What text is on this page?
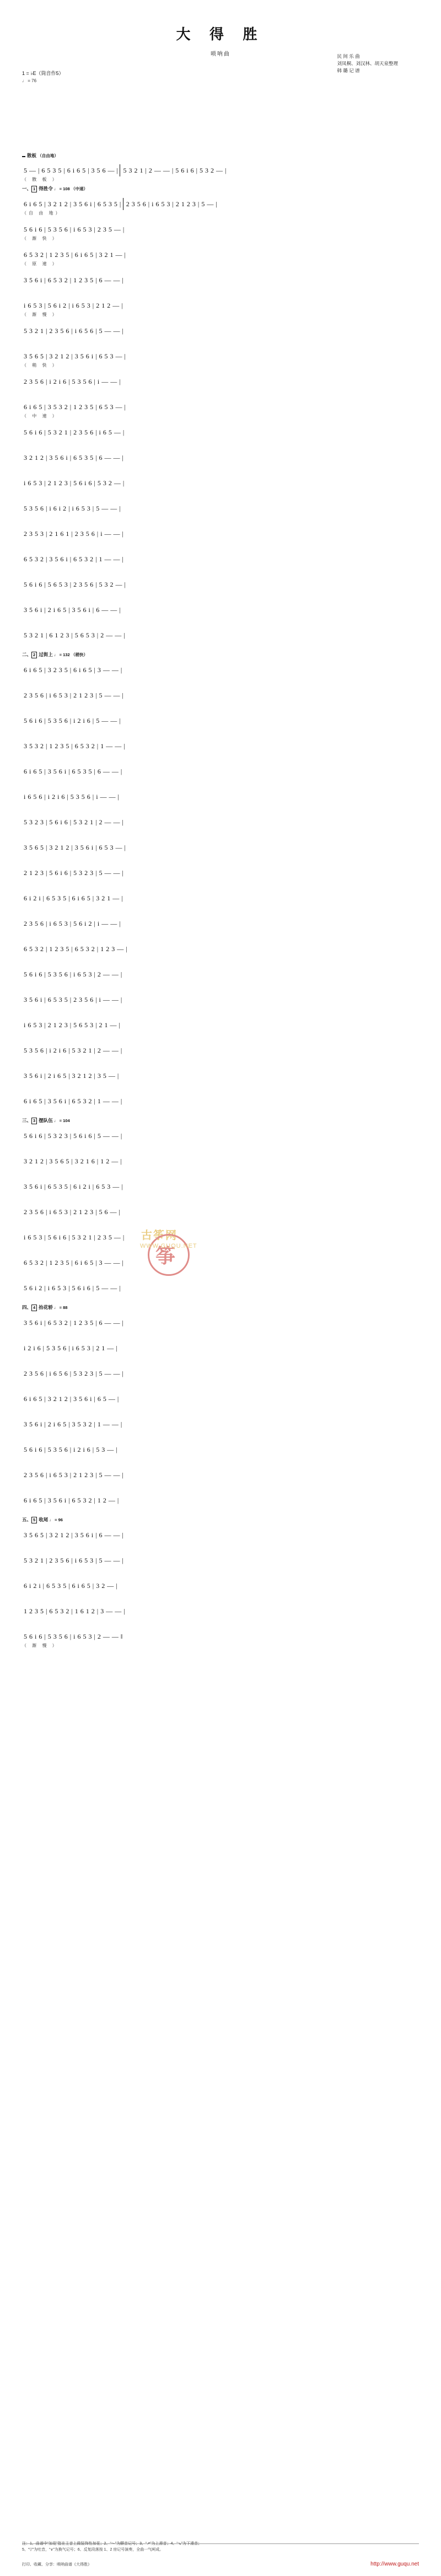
大 得 胜
唢呐曲	民 间 乐 曲
刘凤桐、刘汉林、胡天泉整理
韩 璐 记 谱
1 = ♭E（筒音作5）
♩ = 76
散板 （自由地）
5 — | 6 5 3 5 | 6 i 6 5 | 3 5 6 — | 5 3 2 1 | 2 — — | 5 6 i 6 | 5 3 2 — |
（ 散 板 ）
一、 1 得胜令 ♩ = 108 （中速）
6 i 6 5 | 3 2 1 2 | 3 5 6 i | 6 5 3 5 | 2 3 5 6 | i 6 5 3 | 2 1 2 3 | 5 — |
（自 由 地）
5 6 i 6 | 5 3 5 6 | i 6 5 3 | 2 3 5 — |
（ 渐 快 ）
6 5 3 2 | 1 2 3 5 | 6 i 6 5 | 3 2 1 — |
（ 原 速 ）
3 5 6 i | 6 5 3 2 | 1 2 3 5 | 6 — — |
i 6 5 3 | 5 6 i 2 | i 6 5 3 | 2 1 2 — |
（ 渐 慢 ）
5 3 2 1 | 2 3 5 6 | i 6 5 6 | 5 — — |
3 5 6 5 | 3 2 1 2 | 3 5 6 i | 6 5 3 — |
（ 稍 快 ）
2 3 5 6 | i 2 i 6 | 5 3 5 6 | i — — |
6 i 6 5 | 3 5 3 2 | 1 2 3 5 | 6 5 3 — |
（ 中 速 ）
5 6 i 6 | 5 3 2 1 | 2 3 5 6 | i 6 5 — |
3 2 1 2 | 3 5 6 i | 6 5 3 5 | 6 — — |
i 6 5 3 | 2 1 2 3 | 5 6 i 6 | 5 3 2 — |
5 3 5 6 | i 6 i 2 | i 6 5 3 | 5 — — |
2 3 5 3 | 2 1 6 1 | 2 3 5 6 | i — — |
6 5 3 2 | 3 5 6 i | 6 5 3 2 | 1 — — |
5 6 i 6 | 5 6 5 3 | 2 3 5 6 | 5 3 2 — |
3 5 6 i | 2 i 6 5 | 3 5 6 i | 6 — — |
5 3 2 1 | 6 1 2 3 | 5 6 5 3 | 2 — — |
二、 2 过街上 ♩ = 132 （稍快）
6 i 6 5 | 3 2 3 5 | 6 i 6 5 | 3 — — |
2 3 5 6 | i 6 5 3 | 2 1 2 3 | 5 — — |
5 6 i 6 | 5 3 5 6 | i 2 i 6 | 5 — — |
3 5 3 2 | 1 2 3 5 | 6 5 3 2 | 1 — — |
6 i 6 5 | 3 5 6 i | 6 5 3 5 | 6 — — |
i 6 5 6 | i 2 i 6 | 5 3 5 6 | i — — |
5 3 2 3 | 5 6 i 6 | 5 3 2 1 | 2 — — |
3 5 6 5 | 3 2 1 2 | 3 5 6 i | 6 5 3 — |
2 1 2 3 | 5 6 i 6 | 5 3 2 3 | 5 — — |
6 i 2 i | 6 5 3 5 | 6 i 6 5 | 3 2 1 — |
2 3 5 6 | i 6 5 3 | 5 6 i 2 | i — — |
6 5 3 2 | 1 2 3 5 | 6 5 3 2 | 1 2 3 — |
5 6 i 6 | 5 3 5 6 | i 6 5 3 | 2 — — |
3 5 6 i | 6 5 3 5 | 2 3 5 6 | i — — |
i 6 5 3 | 2 1 2 3 | 5 6 5 3 | 2 1 — |
5 3 5 6 | i 2 i 6 | 5 3 2 1 | 2 — — |
3 5 6 i | 2 i 6 5 | 3 2 1 2 | 3 5 — |
6 i 6 5 | 3 5 6 i | 6 5 3 2 | 1 — — |
三、 3 摆队伍 ♩ = 104
5 6 i 6 | 5 3 2 3 | 5 6 i 6 | 5 — — |
3 2 1 2 | 3 5 6 5 | 3 2 1 6 | 1 2 — |
3 5 6 i | 6 5 3 5 | 6 i 2 i | 6 5 3 — |
2 3 5 6 | i 6 5 3 | 2 1 2 3 | 5 6 — |
i 6 5 3 | 5 6 i 6 | 5 3 2 1 | 2 3 5 — |
6 5 3 2 | 1 2 3 5 | 6 i 6 5 | 3 — — |
5 6 i 2 | i 6 5 3 | 5 6 i 6 | 5 — — |
四、 4 抬花轿 ♩ = 88
3 5 6 i | 6 5 3 2 | 1 2 3 5 | 6 — — |
i 2 i 6 | 5 3 5 6 | i 6 5 3 | 2 1 — |
2 3 5 6 | i 6 5 6 | 5 3 2 3 | 5 — — |
6 i 6 5 | 3 2 1 2 | 3 5 6 i | 6 5 — |
3 5 6 i | 2 i 6 5 | 3 5 3 2 | 1 — — |
5 6 i 6 | 5 3 5 6 | i 2 i 6 | 5 3 — |
2 3 5 6 | i 6 5 3 | 2 1 2 3 | 5 — — |
6 i 6 5 | 3 5 6 i | 6 5 3 2 | 1 2 — |
五、 5 收尾 ♩ = 96
3 5 6 5 | 3 2 1 2 | 3 5 6 i | 6 — — |
5 3 2 1 | 2 3 5 6 | i 6 5 3 | 5 — — |
6 i 2 i | 6 5 3 5 | 6 i 6 5 | 3 2 — |
1 2 3 5 | 6 5 3 2 | 1 6 1 2 | 3 — — |
5 6 i 6 | 5 3 5 6 | i 6 5 3 | 2 — — ‖
（ 渐 慢 ）
古筝网
筝
WWW.GUQU.NET
注：1、曲谱中“加花”指在主音上做装饰性加花；2、“～”为颤音记号；3、“↗”为上滑音；4、“↘”为下滑音；
5、“▽”为吐音，“∨”为换气记号；6、反复段落按 1、2 房记号演奏，全曲一气呵成。
打印、收藏、分享：唢呐曲谱《大得胜》	http://www.guqu.net
